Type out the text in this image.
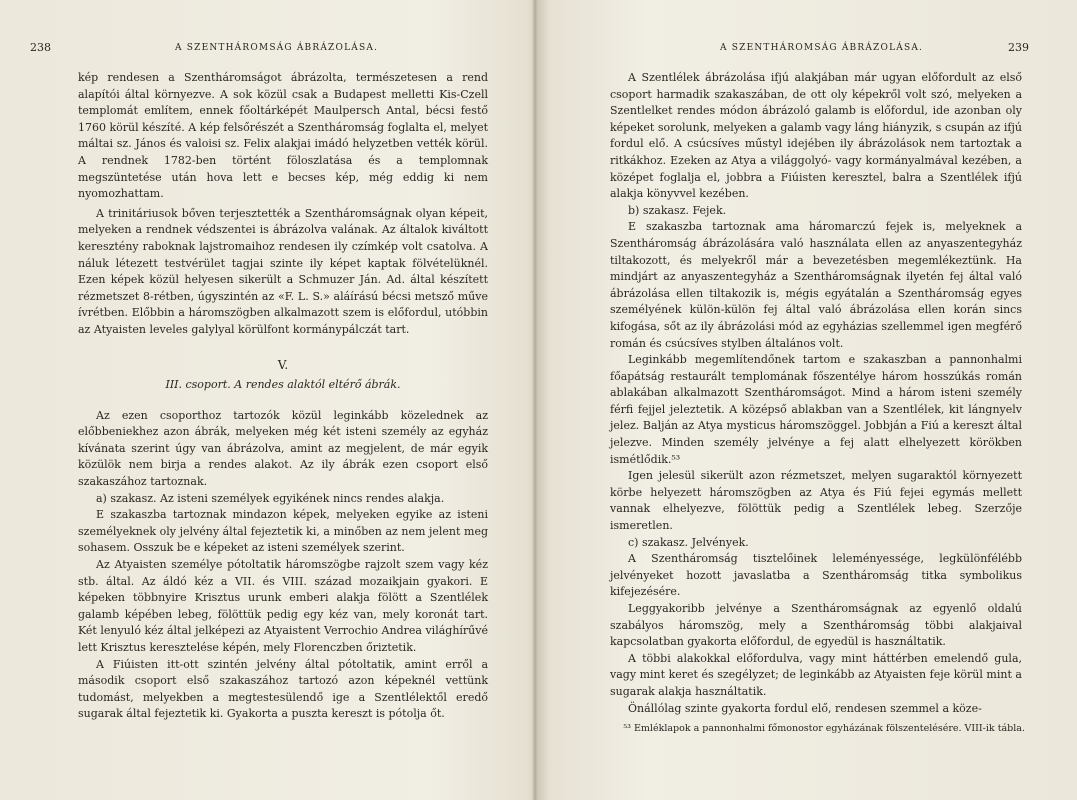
238	A SZENTHÁROMSÁG ÁBRÁZOLÁSA.

kép rendesen a Szentháromságot ábrázolta, természetesen a rend alapítói által környezve. A sok közül csak a Budapest melletti Kis-Czell templomát említem, ennek főoltárképét Maulpersch Antal, bécsi festő 1760 körül készíté. A kép felsőrészét a Szentháromság foglalta el, melyet máltai sz. János és valoisi sz. Felix alakjai imádó helyzetben vették körül. A rendnek 1782-ben történt föloszlatása és a templomnak megszüntetése után hova lett e becses kép, még eddig ki nem nyomozhattam.

A trinitáriusok bőven terjesztették a Szentháromságnak olyan képeit, melyeken a rendnek védszentei is ábrázolva valának. Az általok kiváltott keresztény raboknak lajstromaihoz rendesen ily czímkép volt csatolva. A náluk létezett testvérület tagjai szinte ily képet kaptak fölvételüknél. Ezen képek közül helyesen sikerült a Schmuzer Ján. Ad. által készített rézmetszet 8-rétben, úgyszintén az «F. L. S.» aláírású bécsi metsző műve ívrétben. Előbbin a háromszögben alkalmazott szem is előfordul, utóbbin az Atyaisten leveles galylyal körülfont kormánypálczát tart.

V.
III. csoport. A rendes alaktól eltérő ábrák.

Az ezen csoporthoz tartozók közül leginkább közelednek az előbbeniekhez azon ábrák, melyeken még két isteni személy az egyház kívánata szerint úgy van ábrázolva, amint az megjelent, de már egyik közülök nem birja a rendes alakot. Az ily ábrák ezen csoport első szakaszához tartoznak.

a) szakasz. Az isteni személyek egyikének nincs rendes alakja.

E szakaszba tartoznak mindazon képek, melyeken egyike az isteni személyeknek oly jelvény által fejeztetik ki, a minőben az nem jelent meg sohasem. Osszuk be e képeket az isteni személyek szerint.

Az Atyaisten személye pótoltatik háromszögbe rajzolt szem vagy kéz stb. által. Az áldó kéz a VII. és VIII. század mozaikjain gyakori. E képeken többnyire Krisztus urunk emberi alakja fölött a Szentlélek galamb képében lebeg, fölöttük pedig egy kéz van, mely koronát tart. Két lenyuló kéz által jelképezi az Atyaistent Verrochio Andrea világhírűvé lett Krisztus keresztelése képén, mely Florenczben őriztetik.

A Fiúisten itt-ott szintén jelvény által pótoltatik, amint erről a második csoport első szakaszához tartozó azon képeknél vettünk tudomást, melyekben a megtestesülendő ige a Szentlélektől eredő sugarak által fejeztetik ki. Gyakorta a puszta kereszt is pótolja őt.

A SZENTHÁROMSÁG ÁBRÁZOLÁSA.	239

A Szentlélek ábrázolása ifjú alakjában már ugyan előfordult az első csoport harmadik szakaszában, de ott oly képekről volt szó, melyeken a Szentlelket rendes módon ábrázoló galamb is előfordul, ide azonban oly képeket sorolunk, melyeken a galamb vagy láng hiányzik, s csupán az ifjú fordul elő. A csúcsíves műstyl idejében ily ábrázolások nem tartoztak a ritkákhoz. Ezeken az Atya a világgolyó- vagy kormányalmával kezében, a középet foglalja el, jobbra a Fiúisten keresztel, balra a Szentlélek ifjú alakja könyvvel kezében.

b) szakasz. Fejek.

E szakaszba tartoznak ama háromarczú fejek is, melyeknek a Szentháromság ábrázolására való használata ellen az anyaszentegyház tiltakozott, és melyekről már a bevezetésben megemlékeztünk. Ha mindjárt az anyaszentegyház a Szentháromságnak ilyetén fej által való ábrázolása ellen tiltakozik is, mégis egyátalán a Szentháromság egyes személyének külön-külön fej által való ábrázolása ellen korán sincs kifogása, sőt az ily ábrázolási mód az egyházias szellemmel igen megférő román és csúcsíves stylben általános volt.

Leginkább megemlítendőnek tartom e szakaszban a pannonhalmi főapátság restaurált templomának főszentélye három hosszúkás román ablakában alkalmazott Szentháromságot. Mind a három isteni személy férfi fejjel jeleztetik. A középső ablakban van a Szentlélek, kit lángnyelv jelez. Balján az Atya mysticus háromszöggel. Jobbján a Fiú a kereszt által jelezve. Minden személy jelvénye a fej alatt elhelyezett körökben ismétlődik.⁵³

Igen jelesül sikerült azon rézmetszet, melyen sugaraktól környezett körbe helyezett háromszögben az Atya és Fiú fejei egymás mellett vannak elhelyezve, fölöttük pedig a Szentlélek lebeg. Szerzője ismeretlen.

c) szakasz. Jelvények.

A Szentháromság tisztelőinek leleményessége, legkülönfélébb jelvényeket hozott javaslatba a Szentháromság titka symbolikus kifejezésére.

Leggyakoribb jelvénye a Szentháromságnak az egyenlő oldalú szabályos háromszög, mely a Szentháromság többi alakjaival kapcsolatban gyakorta előfordul, de egyedül is használtatik.

A többi alakokkal előfordulva, vagy mint háttérben emelendő gula, vagy mint keret és szegélyzet; de leginkább az Atyaisten feje körül mint a sugarak alakja használtatik.

Önállólag szinte gyakorta fordul elő, rendesen szemmel a köze-

⁵³ Emléklapok a pannonhalmi főmonostor egyházának fölszentelésére. VIII-ik tábla.
